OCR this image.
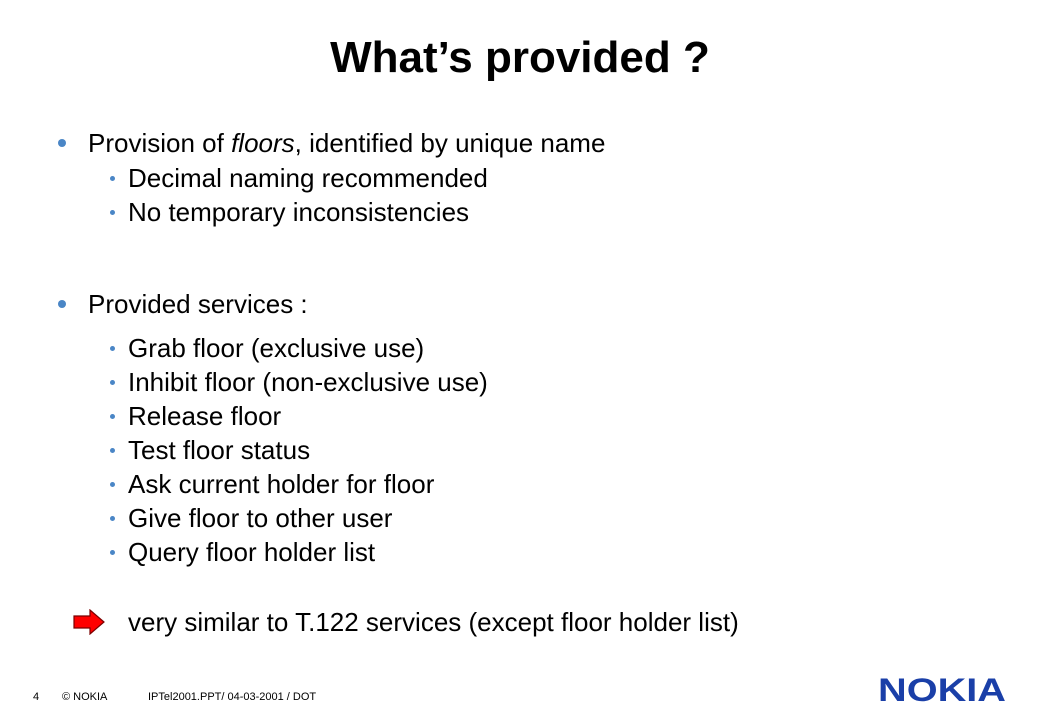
What’s provided ?
Provision of floors, identified by unique name
Decimal naming recommended
No temporary inconsistencies
Provided services :
Grab floor (exclusive use)
Inhibit floor (non-exclusive use)
Release floor
Test floor status
Ask current holder for floor
Give floor to other user
Query floor holder list
very similar to T.122 services (except floor holder list)
4 © NOKIA	IPTel2001.PPT/ 04-03-2001 / DOT	NOKIA
